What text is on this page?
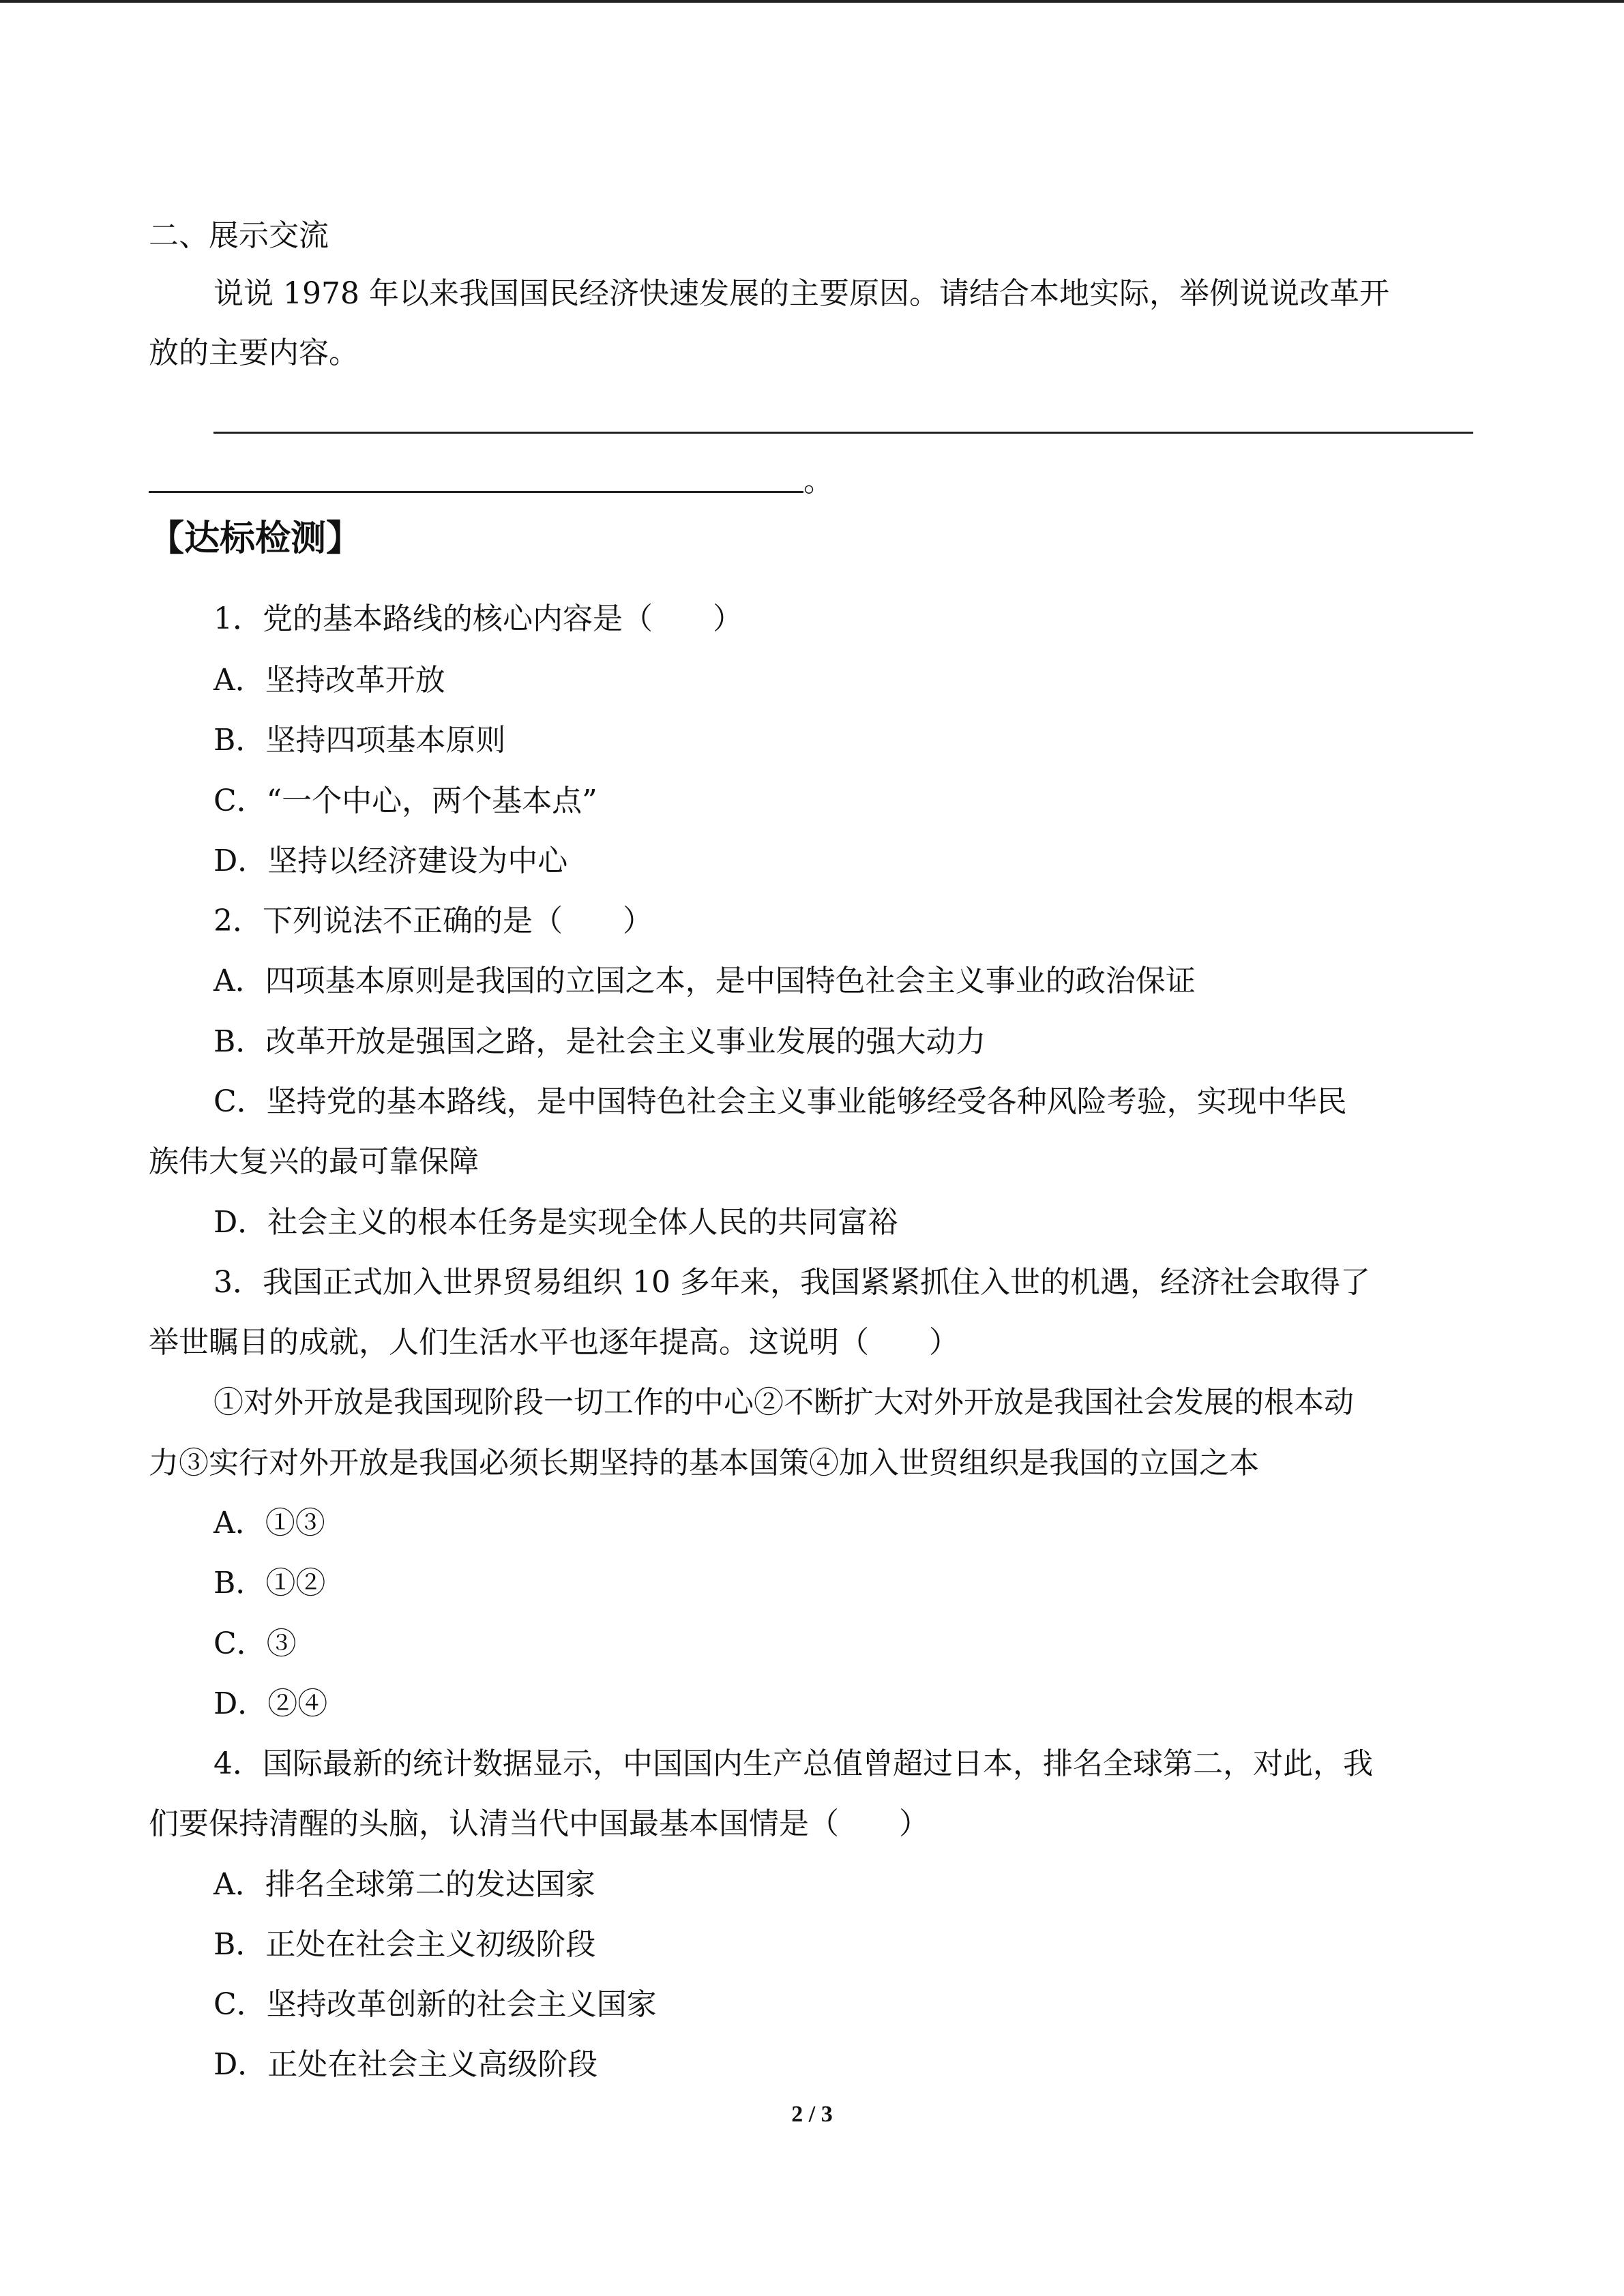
二、展示交流
说说 1978 年以来我国国民经济快速发展的主要原因。请结合本地实际，举例说说改革开
放的主要内容。
。
【达标检测】
1．党的基本路线的核心内容是（　　）
A．坚持改革开放
B．坚持四项基本原则
C．“一个中心，两个基本点”
D．坚持以经济建设为中心
2．下列说法不正确的是（　　）
A．四项基本原则是我国的立国之本，是中国特色社会主义事业的政治保证
B．改革开放是强国之路，是社会主义事业发展的强大动力
C．坚持党的基本路线，是中国特色社会主义事业能够经受各种风险考验，实现中华民
族伟大复兴的最可靠保障
D．社会主义的根本任务是实现全体人民的共同富裕
3．我国正式加入世界贸易组织 10 多年来，我国紧紧抓住入世的机遇，经济社会取得了
举世瞩目的成就，人们生活水平也逐年提高。这说明（　　）
①对外开放是我国现阶段一切工作的中心②不断扩大对外开放是我国社会发展的根本动
力③实行对外开放是我国必须长期坚持的基本国策④加入世贸组织是我国的立国之本
A．①③
B．①②
C．③
D．②④
4．国际最新的统计数据显示，中国国内生产总值曾超过日本，排名全球第二，对此，我
们要保持清醒的头脑，认清当代中国最基本国情是（　　）
A．排名全球第二的发达国家
B．正处在社会主义初级阶段
C．坚持改革创新的社会主义国家
D．正处在社会主义高级阶段
2 / 3
